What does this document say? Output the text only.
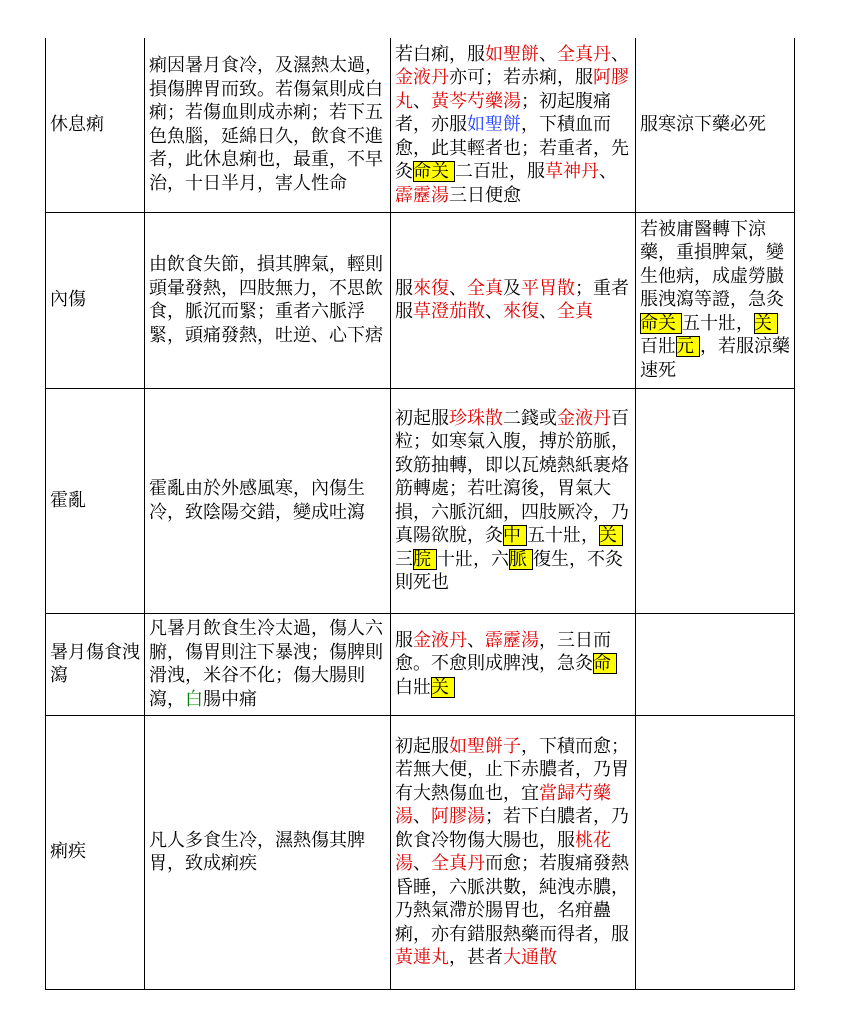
休息痢	痢因暑月食冷，及濕熱太過，損傷脾胃而致。若傷氣則成白痢；若傷血則成赤痢；若下五色魚腦，延綿日久，飲食不進者，此休息痢也，最重，不早治，十日半月，害人性命	若白痢，服如聖餅、全真丹、金液丹亦可；若赤痢，服阿膠丸、黃芩芍藥湯；初起腹痛者，亦服如聖餅，下積血而愈，此其輕者也；若重者，先灸命关 二百壯，服草神丹、霹靂湯三日便愈	服寒涼下藥必死
內傷	由飲食失節，損其脾氣，輕則頭暈發熱，四肢無力，不思飲食，脈沉而緊；重者六脈浮緊，頭痛發熱，吐逆、心下痞	服來復、全真及平胃散；重者服草澄茄散、來復、全真	若被庸醫轉下涼藥，重損脾氣，變生他病，成虛勞臌脹洩瀉等證，急灸命关 五十壯，关百壯元 ，若服涼藥速死
霍亂	霍亂由於外感風寒，內傷生冷，致陰陽交錯，變成吐瀉	初起服珍珠散二錢或金液丹百粒；如寒氣入腹，搏於筋脈，致筋抽轉，即以瓦燒熱紙裹烙筋轉處；若吐瀉後，胃氣大損，六脈沉細，四肢厥冷，乃真陽欲脫，灸中 五十壯，关三脘 十壯，六脈 復生，不灸則死也	
暑月傷食洩瀉	凡暑月飲食生冷太過，傷人六腑，傷胃則注下暴洩；傷脾則滑洩，米谷不化；傷大腸則瀉，白腸中痛	服金液丹、霹靂湯，三日而愈。不愈則成脾洩，急灸命白壯关	
痢疾	凡人多食生冷，濕熱傷其脾胃，致成痢疾	初起服如聖餅子，下積而愈；若無大便，止下赤膿者，乃胃有大熱傷血也，宜當歸芍藥湯、阿膠湯；若下白膿者，乃飲食冷物傷大腸也，服桃花湯、全真丹而愈；若腹痛發熱昏睡，六脈洪數，純洩赤膿，乃熱氣滯於腸胃也，名疳蠱痢，亦有錯服熱藥而得者，服黃連丸，甚者大通散	
